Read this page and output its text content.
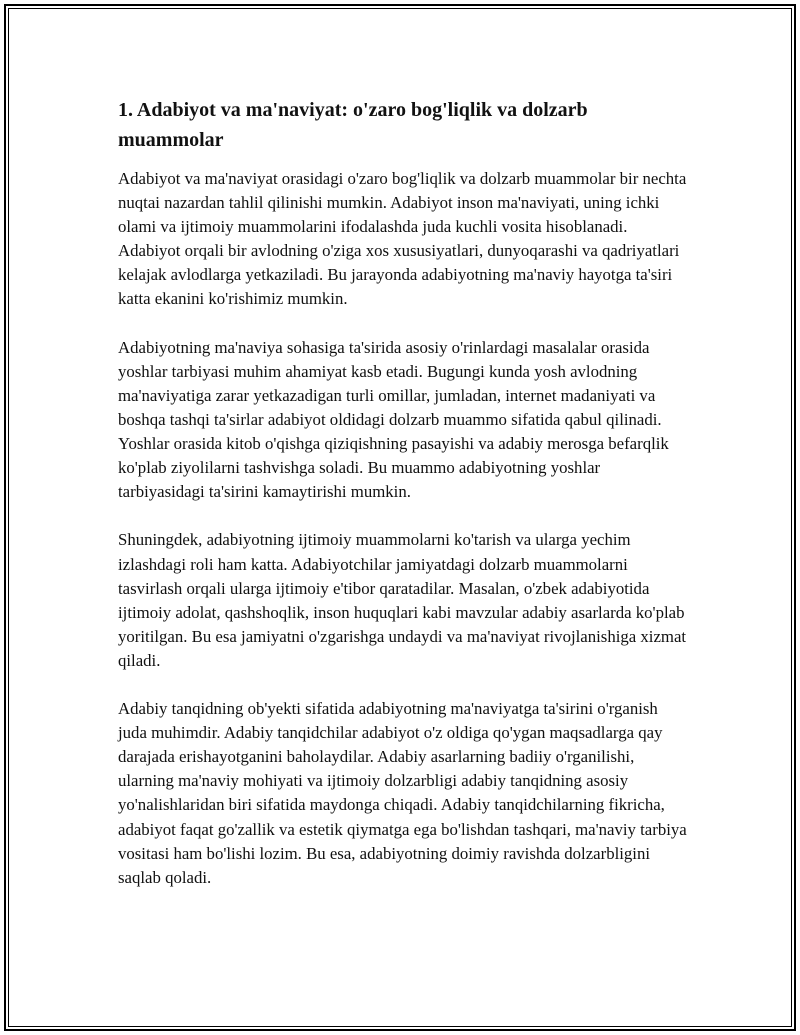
1. Adabiyot va ma'naviyat: o'zaro bog'liqlik va dolzarb muammolar

Adabiyot va ma'naviyat orasidagi o'zaro bog'liqlik va dolzarb muammolar bir nechta nuqtai nazardan tahlil qilinishi mumkin. Adabiyot inson ma'naviyati, uning ichki olami va ijtimoiy muammolarini ifodalashda juda kuchli vosita hisoblanadi. Adabiyot orqali bir avlodning o'ziga xos xususiyatlari, dunyoqarashi va qadriyatlari kelajak avlodlarga yetkaziladi. Bu jarayonda adabiyotning ma'naviy hayotga ta'siri katta ekanini ko'rishimiz mumkin.

Adabiyotning ma'naviya sohasiga ta'sirida asosiy o'rinlardagi masalalar orasida yoshlar tarbiyasi muhim ahamiyat kasb etadi. Bugungi kunda yosh avlodning ma'naviyatiga zarar yetkazadigan turli omillar, jumladan, internet madaniyati va boshqa tashqi ta'sirlar adabiyot oldidagi dolzarb muammo sifatida qabul qilinadi. Yoshlar orasida kitob o'qishga qiziqishning pasayishi va adabiy merosga befarqlik ko'plab ziyolilarni tashvishga soladi. Bu muammo adabiyotning yoshlar tarbiyasidagi ta'sirini kamaytirishi mumkin.

Shuningdek, adabiyotning ijtimoiy muammolarni ko'tarish va ularga yechim izlashdagi roli ham katta. Adabiyotchilar jamiyatdagi dolzarb muammolarni tasvirlash orqali ularga ijtimoiy e'tibor qaratadilar. Masalan, o'zbek adabiyotida ijtimoiy adolat, qashshoqlik, inson huquqlari kabi mavzular adabiy asarlarda ko'plab yoritilgan. Bu esa jamiyatni o'zgarishga undaydi va ma'naviyat rivojlanishiga xizmat qiladi.

Adabiy tanqidning ob'yekti sifatida adabiyotning ma'naviyatga ta'sirini o'rganish juda muhimdir. Adabiy tanqidchilar adabiyot o'z oldiga qo'ygan maqsadlarga qay darajada erishayotganini baholaydilar. Adabiy asarlarning badiiy o'rganilishi, ularning ma'naviy mohiyati va ijtimoiy dolzarbligi adabiy tanqidning asosiy yo'nalishlaridan biri sifatida maydonga chiqadi. Adabiy tanqidchilarning fikricha, adabiyot faqat go'zallik va estetik qiymatga ega bo'lishdan tashqari, ma'naviy tarbiya vositasi ham bo'lishi lozim. Bu esa, adabiyotning doimiy ravishda dolzarbligini saqlab qoladi.
